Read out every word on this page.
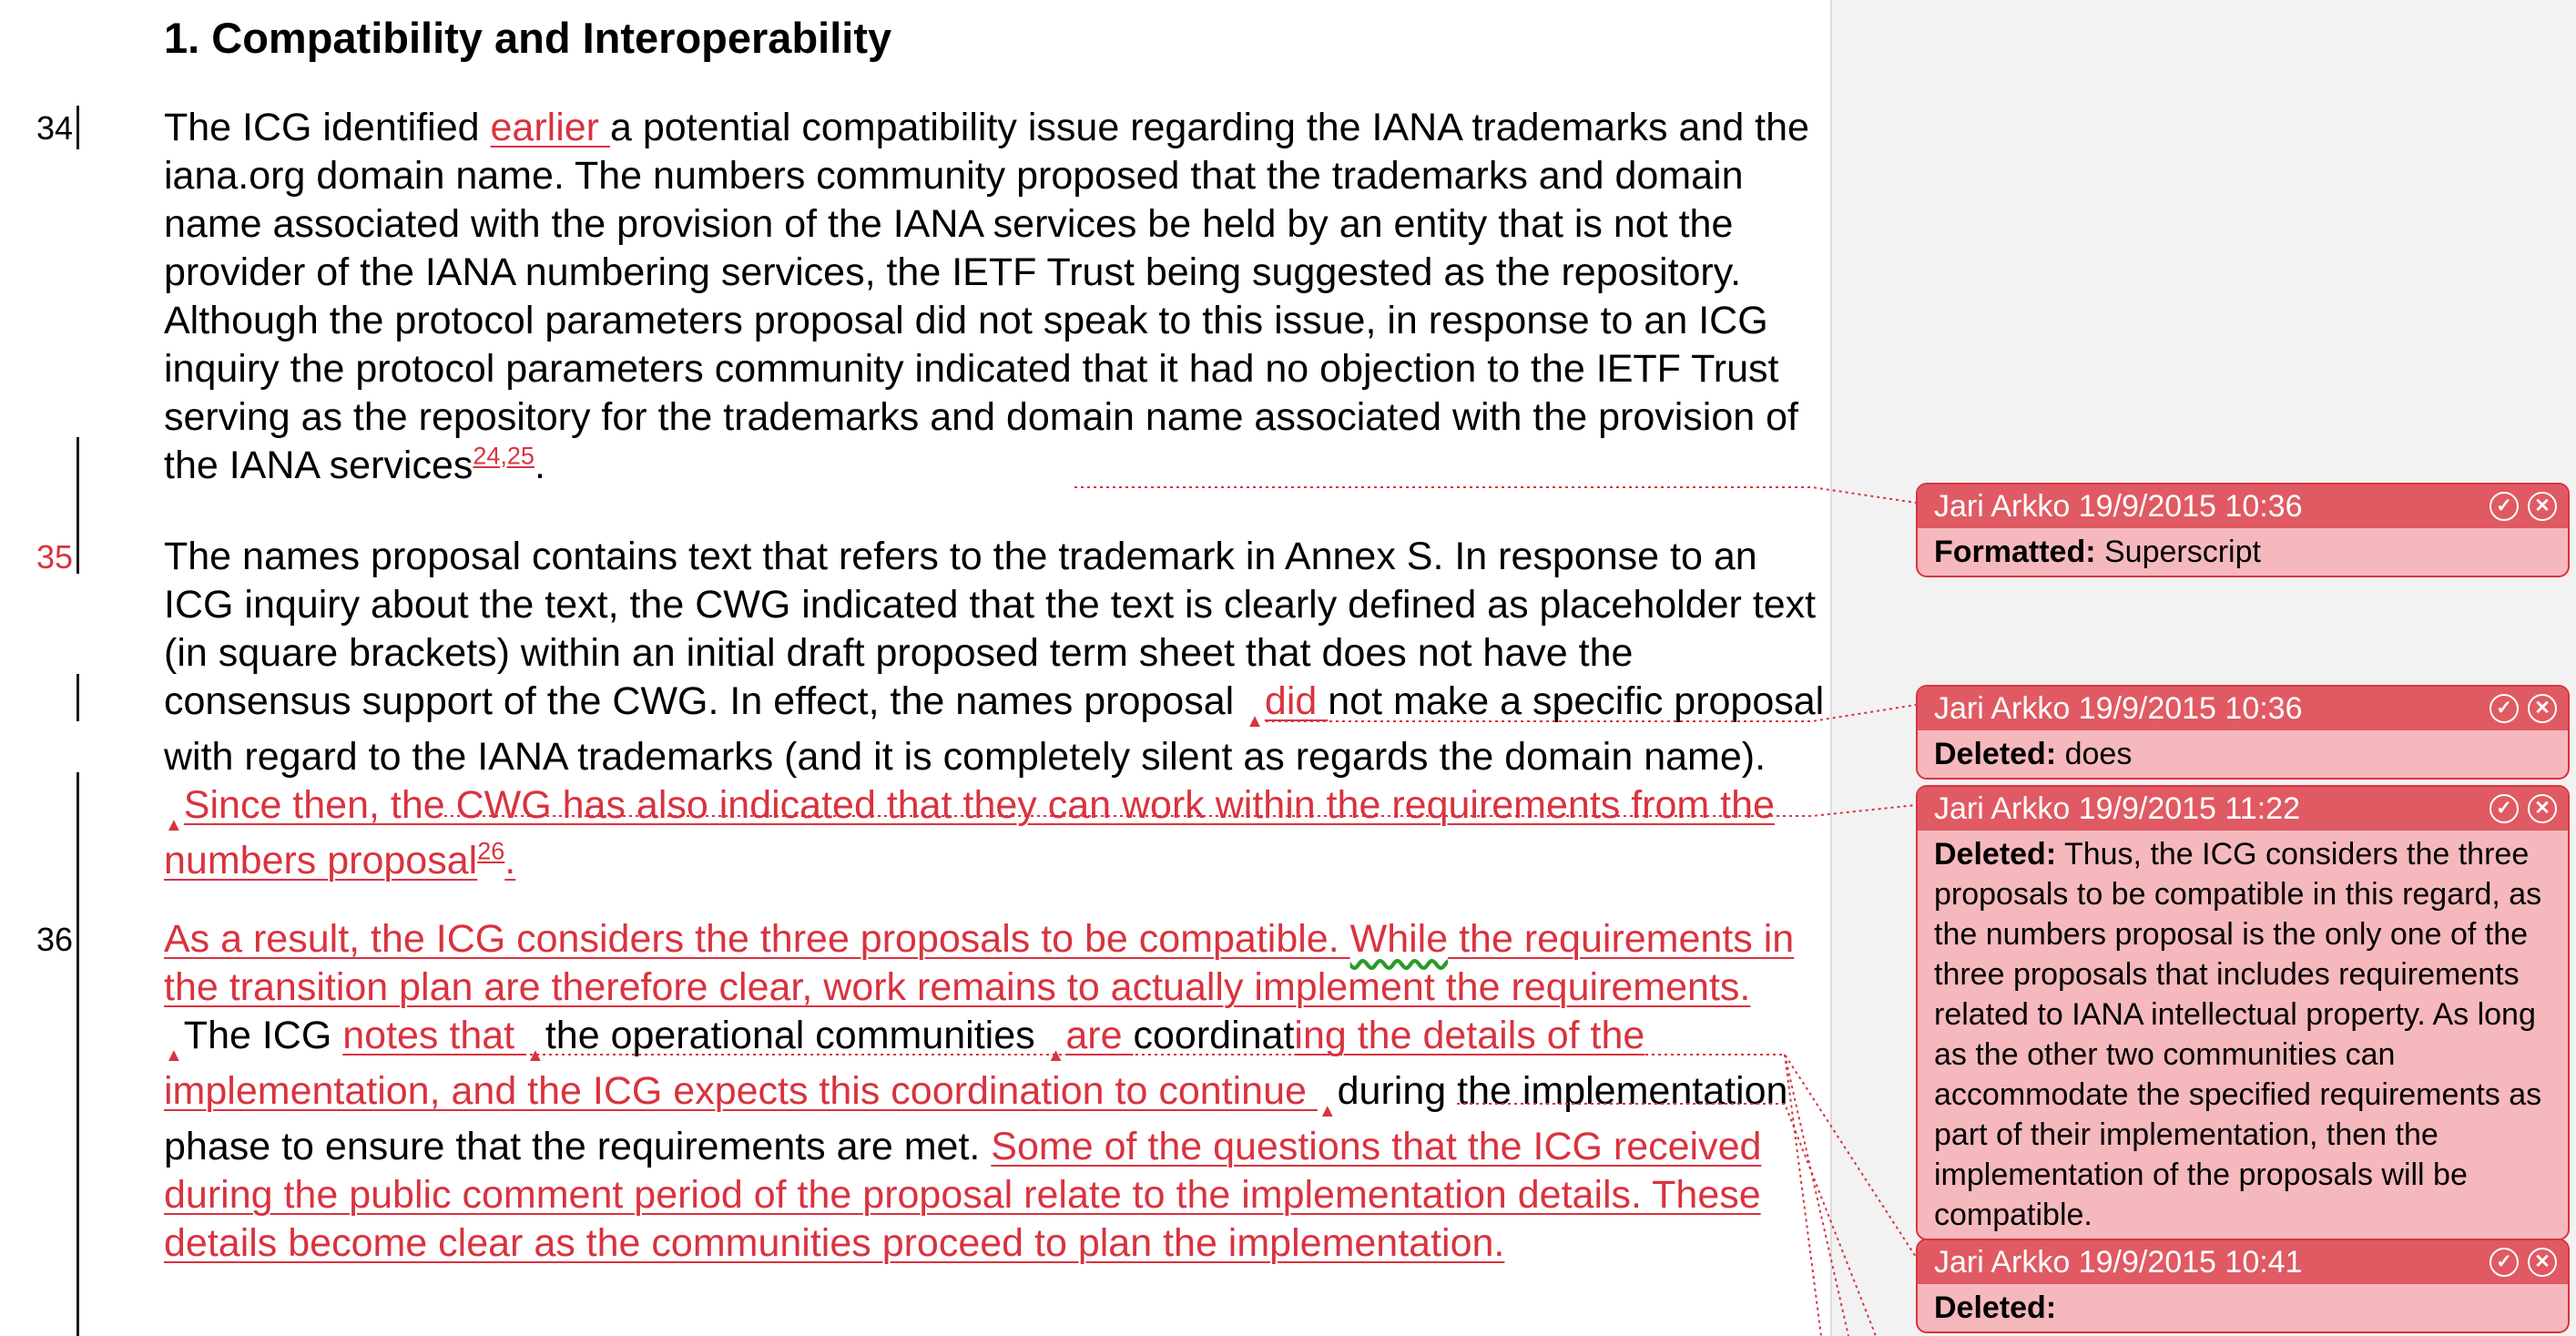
1. Compatibility and Interoperability
34
35
36

The ICG identified earlier a potential compatibility issue regarding the IANA trademarks and the iana.org domain name. The numbers community proposed that the trademarks and domain name associated with the provision of the IANA services be held by an entity that is not the provider of the IANA numbering services, the IETF Trust being suggested as the repository. Although the protocol parameters proposal did not speak to this issue, in response to an ICG inquiry the protocol parameters community indicated that it had no objection to the IETF Trust serving as the repository for the trademarks and domain name associated with the provision of the IANA services$^{24,25}$.

The names proposal contains text that refers to the trademark in Annex S. In response to an ICG inquiry about the text, the CWG indicated that the text is clearly defined as placeholder text (in square brackets) within an initial draft proposed term sheet that does not have the consensus support of the CWG. In effect, the names proposal $_▲$did not make a specific proposal with regard to the IANA trademarks (and it is completely silent as regards the domain name). $_▲$Since then, the CWG has also indicated that they can work within the requirements from the numbers proposal$^{26}$.

As a result, the ICG considers the three proposals to be compatible. While the requirements in the transition plan are therefore clear, work remains to actually implement the requirements. $_▲$The ICG notes that $_▲$the operational communities $_▲$are coordinating the details of the implementation, and the ICG expects this coordination to continue $_▲$during the implementation phase to ensure that the requirements are met. Some of the questions that the ICG received during the public comment period of the proposal relate to the implementation details. These details become clear as the communities proceed to plan the implementation.

Jari Arkko 19/9/2015 10:36	✓	✕
Formatted: Superscript
Jari Arkko 19/9/2015 10:36	✓	✕
Deleted: does
Jari Arkko 19/9/2015 11:22	✓	✕
Deleted: Thus, the ICG considers the three proposals to be compatible in this regard, as the numbers proposal is the only one of the three proposals that includes requirements related to IANA intellectual property. As long as the other two communities can accommodate the specified requirements as part of their implementation, then the implementation of the proposals will be compatible.
Jari Arkko 19/9/2015 10:41	✓	✕
Deleted:
